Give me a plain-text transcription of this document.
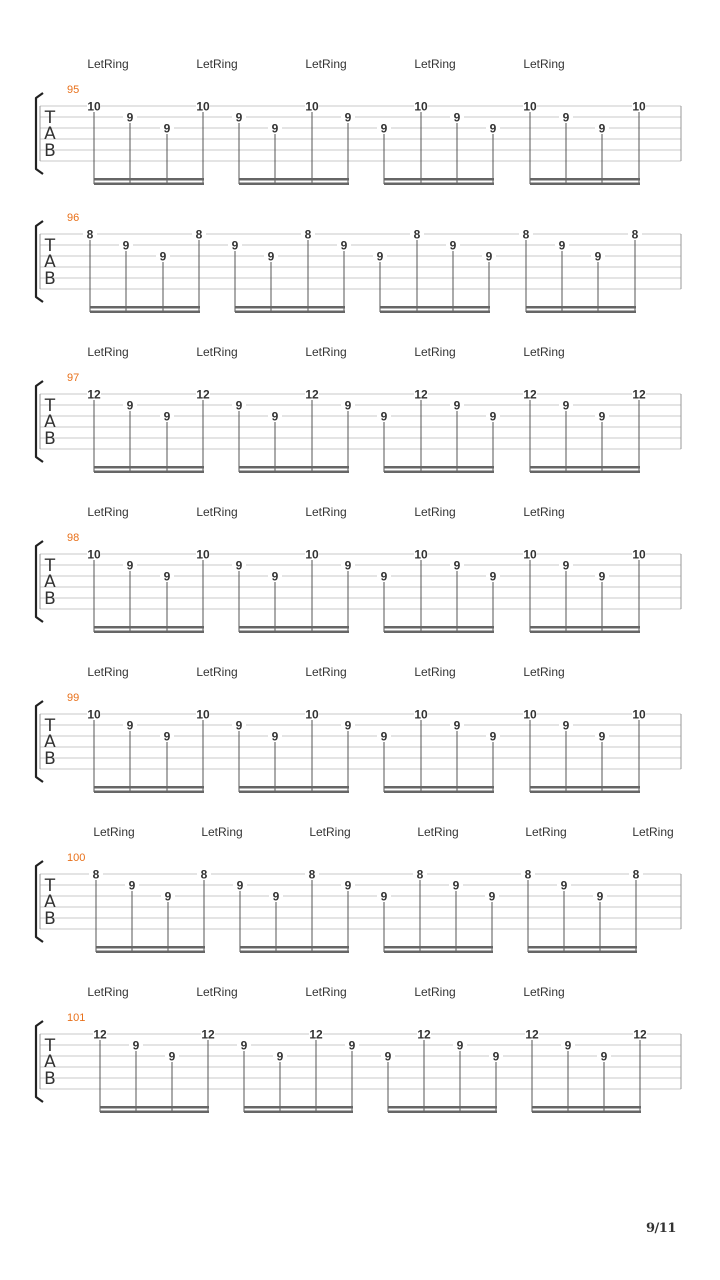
LetRing	LetRing	LetRing	LetRing	LetRing
95
T
A
B
10
9
9
10
9
9
10
9
9
10
9
9
10
9
9
10
96
T
A
B
8
9
9
8
9
9
8
9
9
8
9
9
8
9
9
8
LetRing	LetRing	LetRing	LetRing	LetRing
97
T
A
B
12
9
9
12
9
9
12
9
9
12
9
9
12
9
9
12
LetRing	LetRing	LetRing	LetRing	LetRing
98
T
A
B
10
9
9
10
9
9
10
9
9
10
9
9
10
9
9
10
LetRing	LetRing	LetRing	LetRing	LetRing
99
T
A
B
10
9
9
10
9
9
10
9
9
10
9
9
10
9
9
10
LetRing	LetRing	LetRing	LetRing	LetRing	LetRing
100
T
A
B
8
9
9
8
9
9
8
9
9
8
9
9
8
9
9
8
LetRing	LetRing	LetRing	LetRing	LetRing
101
T
A
B
12
9
9
12
9
9
12
9
9
12
9
9
12
9
9
12
9/11
